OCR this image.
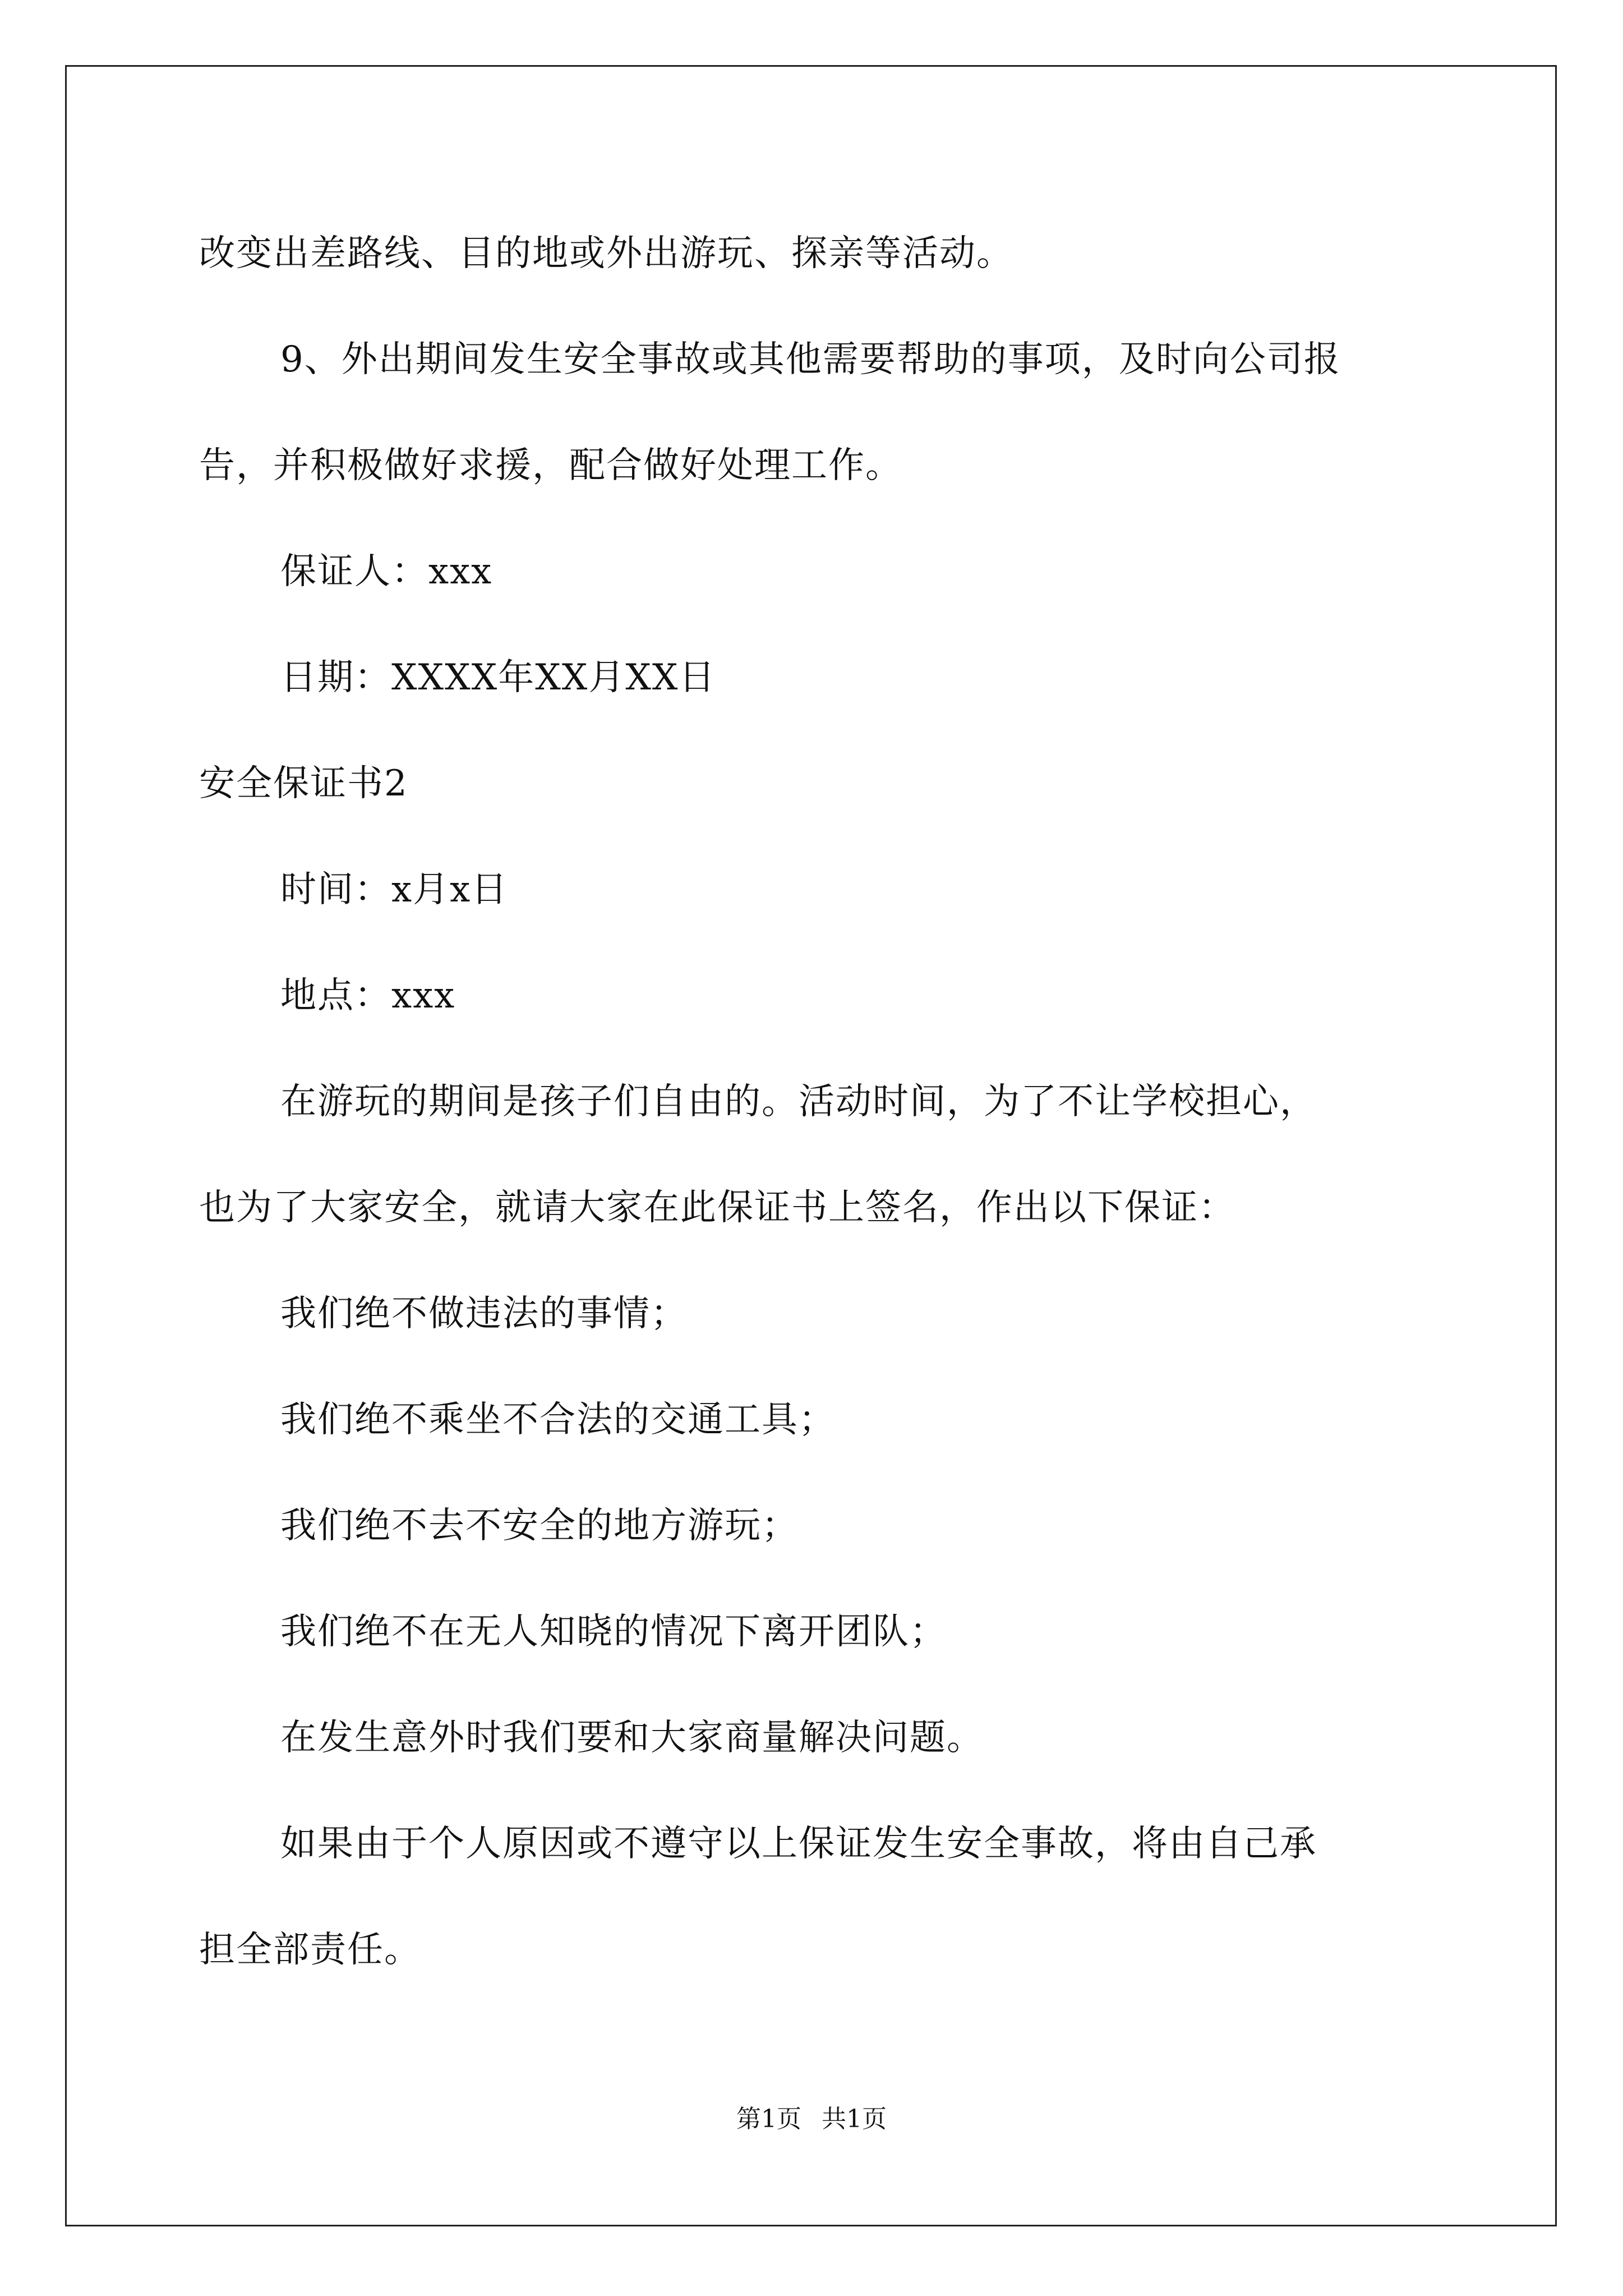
改变出差路线、目的地或外出游玩、探亲等活动。
9、外出期间发生安全事故或其他需要帮助的事项，及时向公司报
告，并积极做好求援，配合做好处理工作。
保证人：xxx
日期：XXXX年XX月XX日
安全保证书2
时间：x月x日
地点：xxx
在游玩的期间是孩子们自由的。活动时间，为了不让学校担心，
也为了大家安全，就请大家在此保证书上签名，作出以下保证：
我们绝不做违法的事情；
我们绝不乘坐不合法的交通工具；
我们绝不去不安全的地方游玩；
我们绝不在无人知晓的情况下离开团队；
在发生意外时我们要和大家商量解决问题。
如果由于个人原因或不遵守以上保证发生安全事故，将由自己承
担全部责任。
第1页 共1页
